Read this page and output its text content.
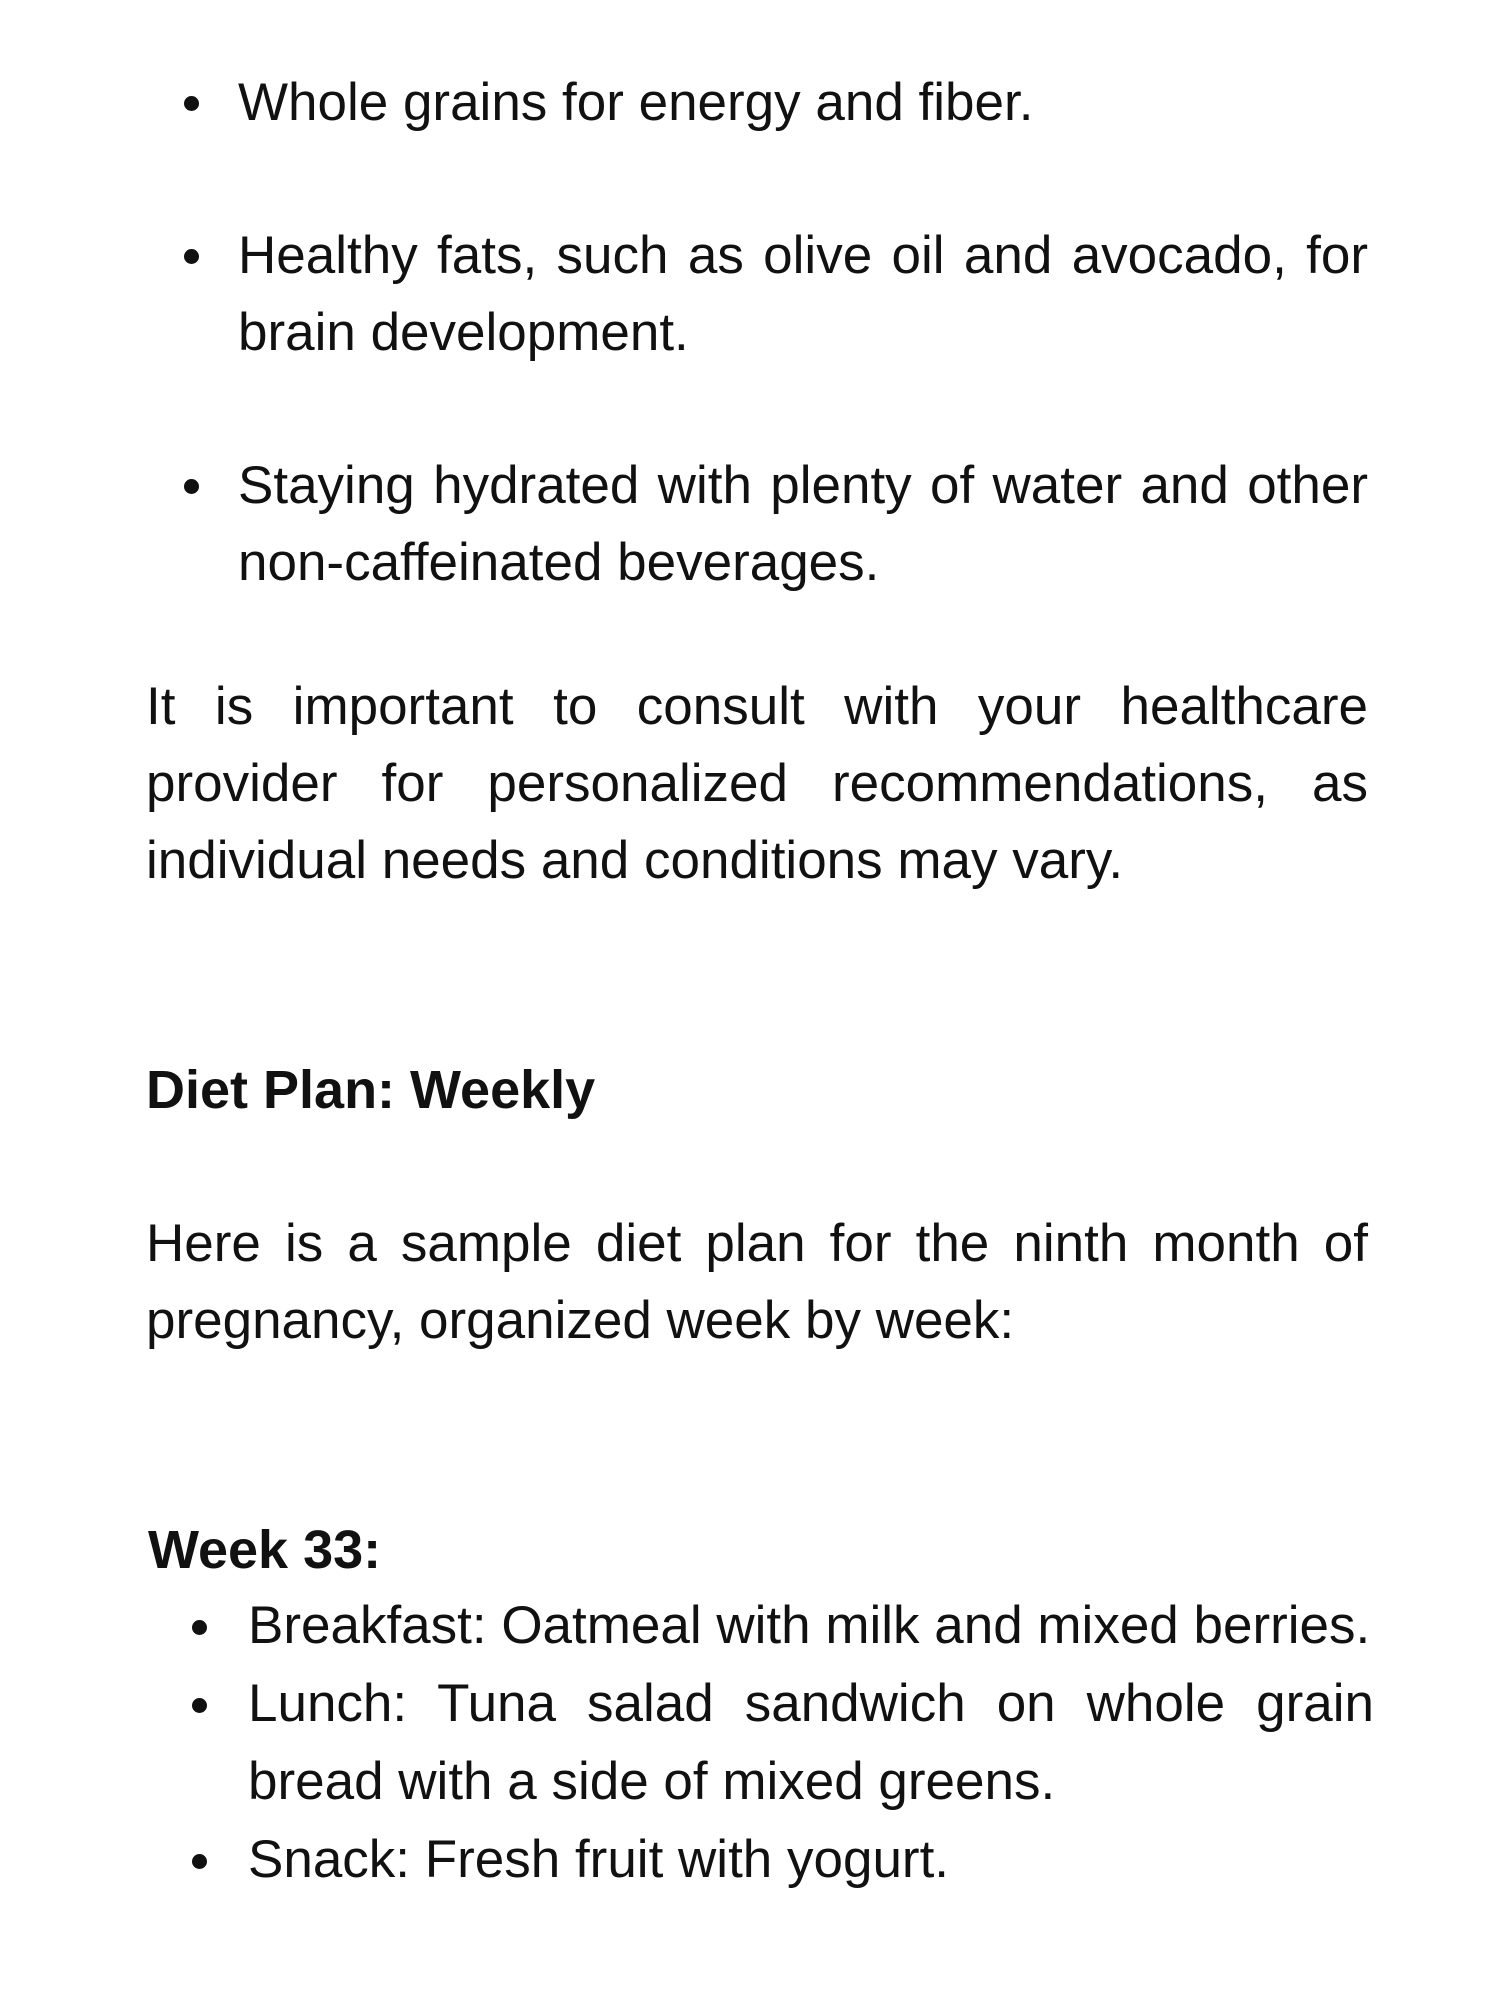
Whole grains for energy and fiber.
Healthy fats, such as olive oil and avocado, for brain development.
Staying hydrated with plenty of water and other non-caffeinated beverages.

It is important to consult with your healthcare provider for personalized recommendations, as individual needs and conditions may vary.

Diet Plan: Weekly

Here is a sample diet plan for the ninth month of pregnancy, organized week by week:

Week 33:
Breakfast: Oatmeal with milk and mixed berries.
Lunch: Tuna salad sandwich on whole grain bread with a side of mixed greens.
Snack: Fresh fruit with yogurt.
